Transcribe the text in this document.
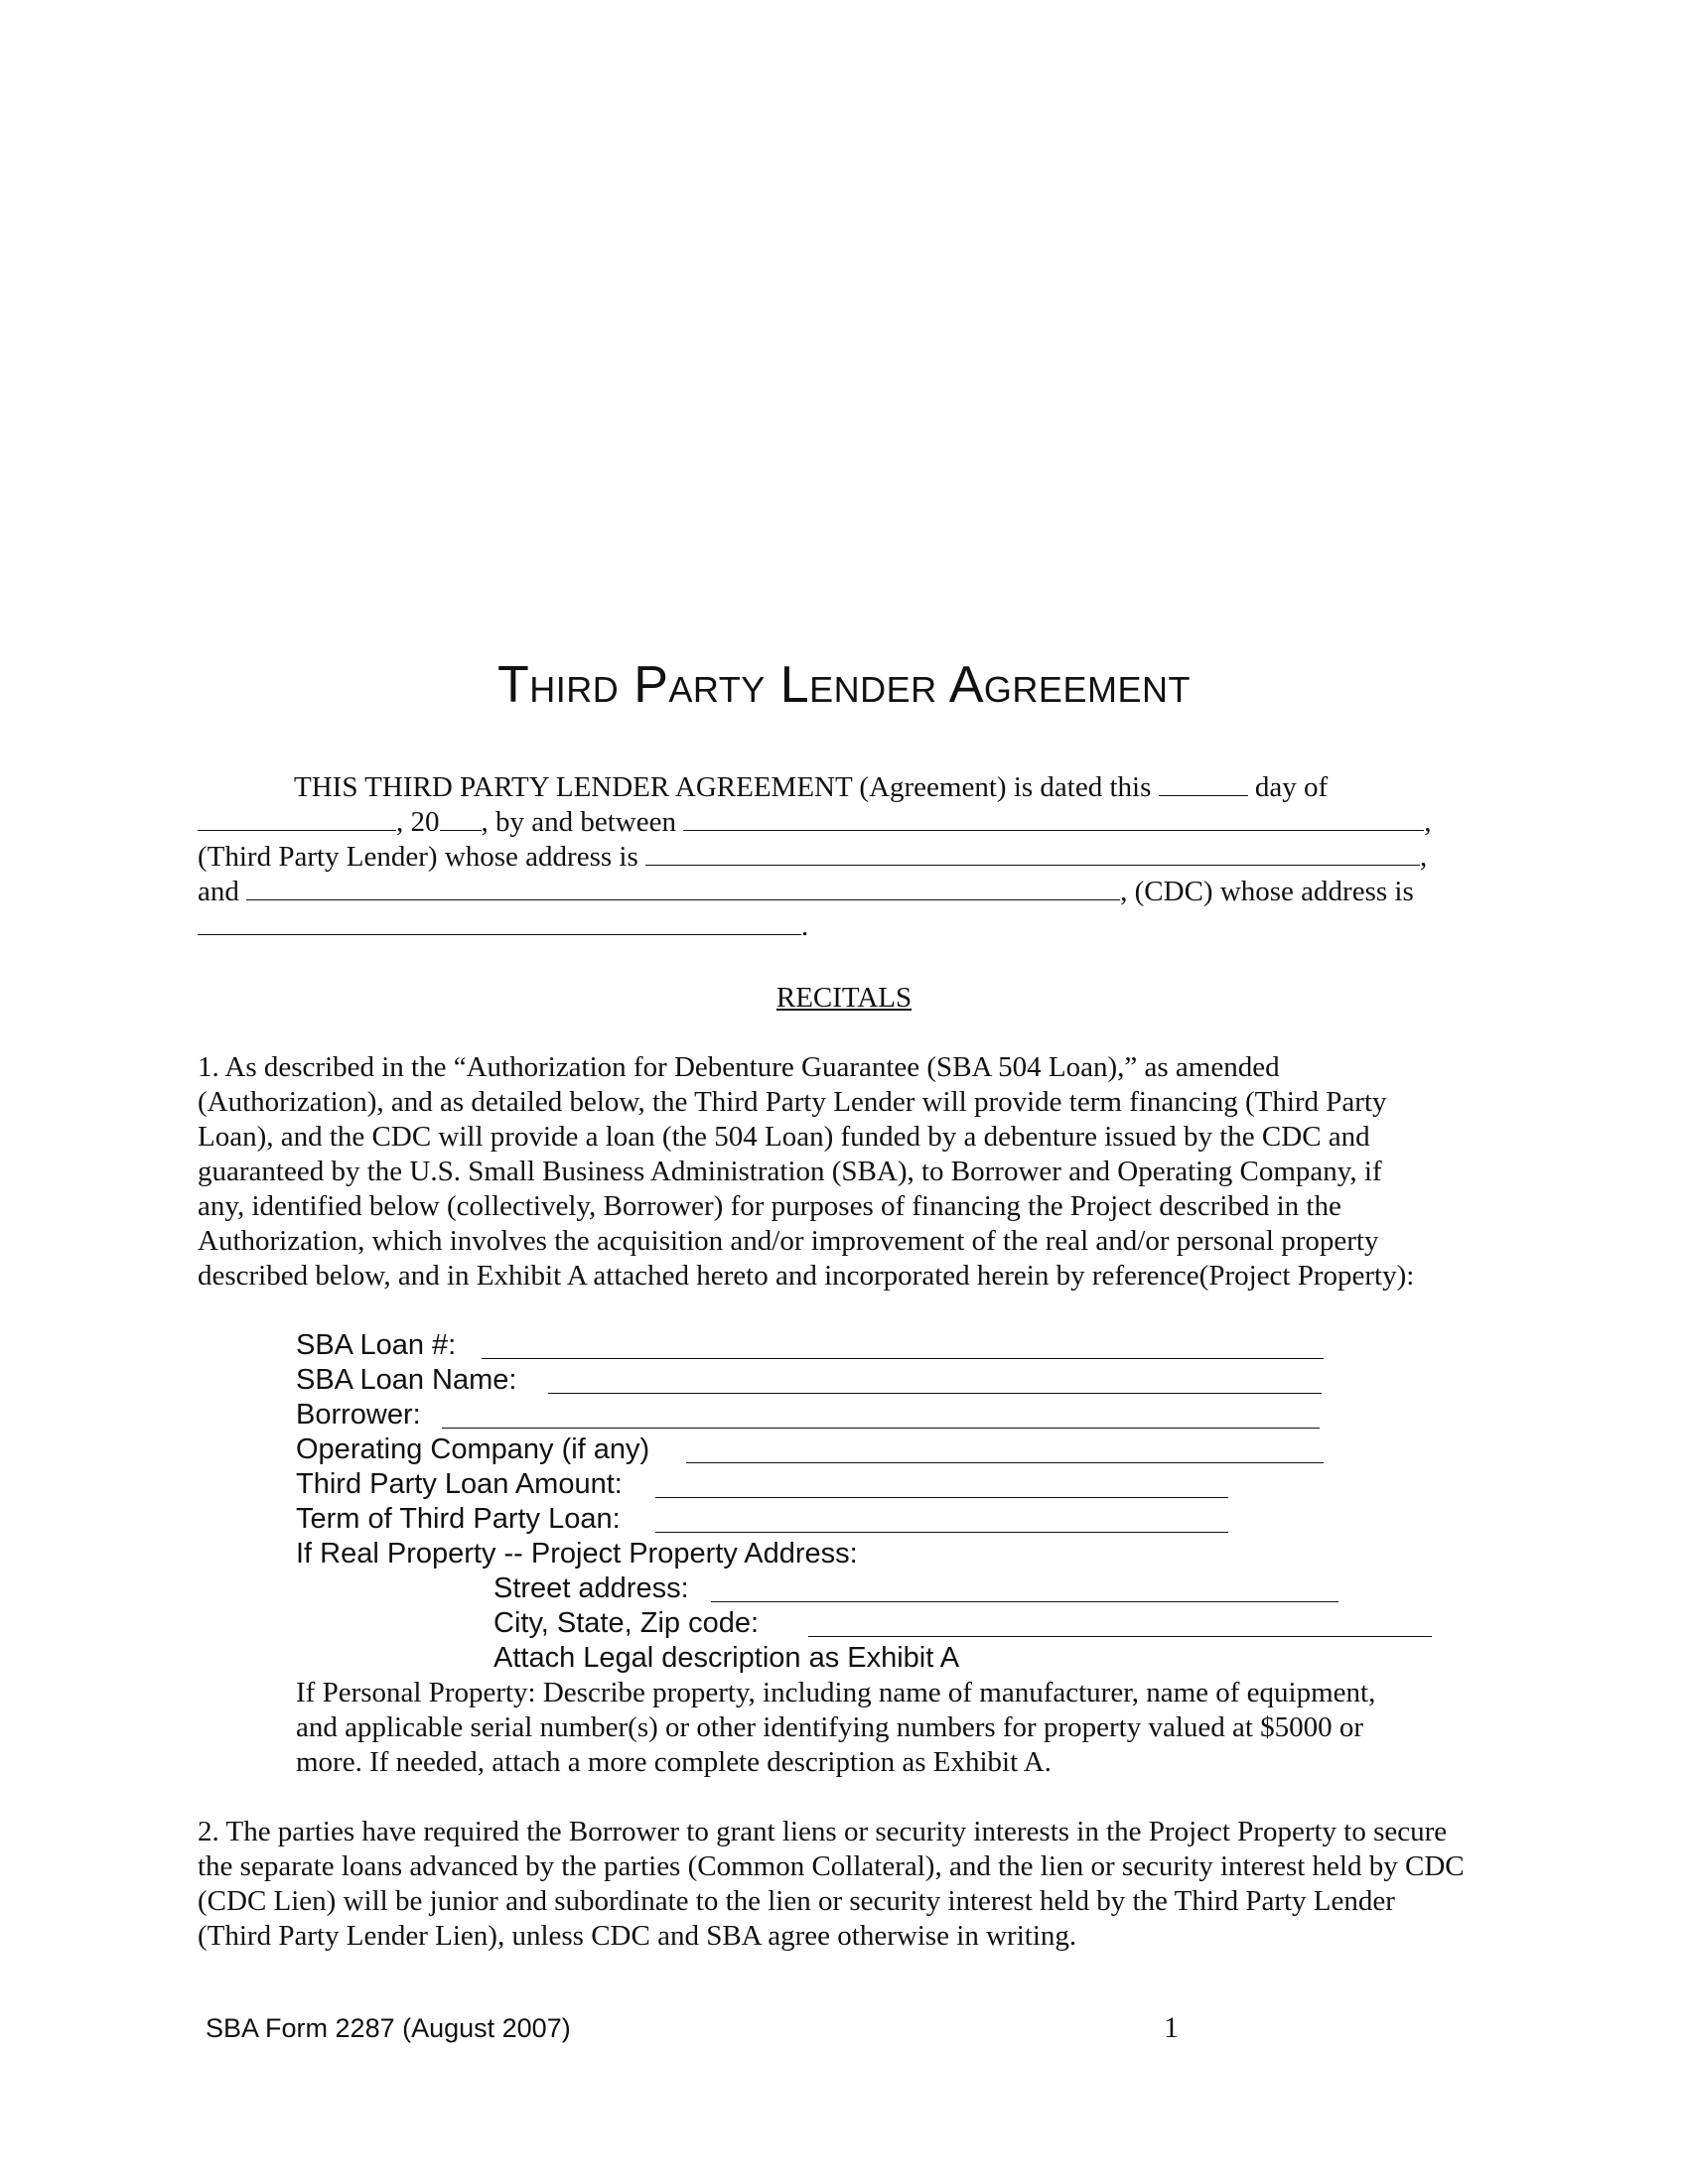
Third Party Lender Agreement
THIS THIRD PARTY LENDER AGREEMENT (Agreement) is dated this	day of
, 20 , by and between	,
(Third Party Lender) whose address is	,
and	, (CDC) whose address is
.
RECITALS
1. As described in the “Authorization for Debenture Guarantee (SBA 504 Loan),” as amended
(Authorization), and as detailed below, the Third Party Lender will provide term financing (Third Party
Loan), and the CDC will provide a loan (the 504 Loan) funded by a debenture issued by the CDC and
guaranteed by the U.S. Small Business Administration (SBA), to Borrower and Operating Company, if
any, identified below (collectively, Borrower) for purposes of financing the Project described in the
Authorization, which involves the acquisition and/or improvement of the real and/or personal property
described below, and in Exhibit A attached hereto and incorporated herein by reference(Project Property):
SBA Loan #:
SBA Loan Name:
Borrower:
Operating Company (if any)
Third Party Loan Amount:
Term of Third Party Loan:
If Real Property -- Project Property Address:
Street address:
City, State, Zip code:
Attach Legal description as Exhibit A
If Personal Property: Describe property, including name of manufacturer, name of equipment,
and applicable serial number(s) or other identifying numbers for property valued at $5000 or
more. If needed, attach a more complete description as Exhibit A.
2. The parties have required the Borrower to grant liens or security interests in the Project Property to secure
the separate loans advanced by the parties (Common Collateral), and the lien or security interest held by CDC
(CDC Lien) will be junior and subordinate to the lien or security interest held by the Third Party Lender
(Third Party Lender Lien), unless CDC and SBA agree otherwise in writing.
SBA Form 2287 (August 2007)	1
